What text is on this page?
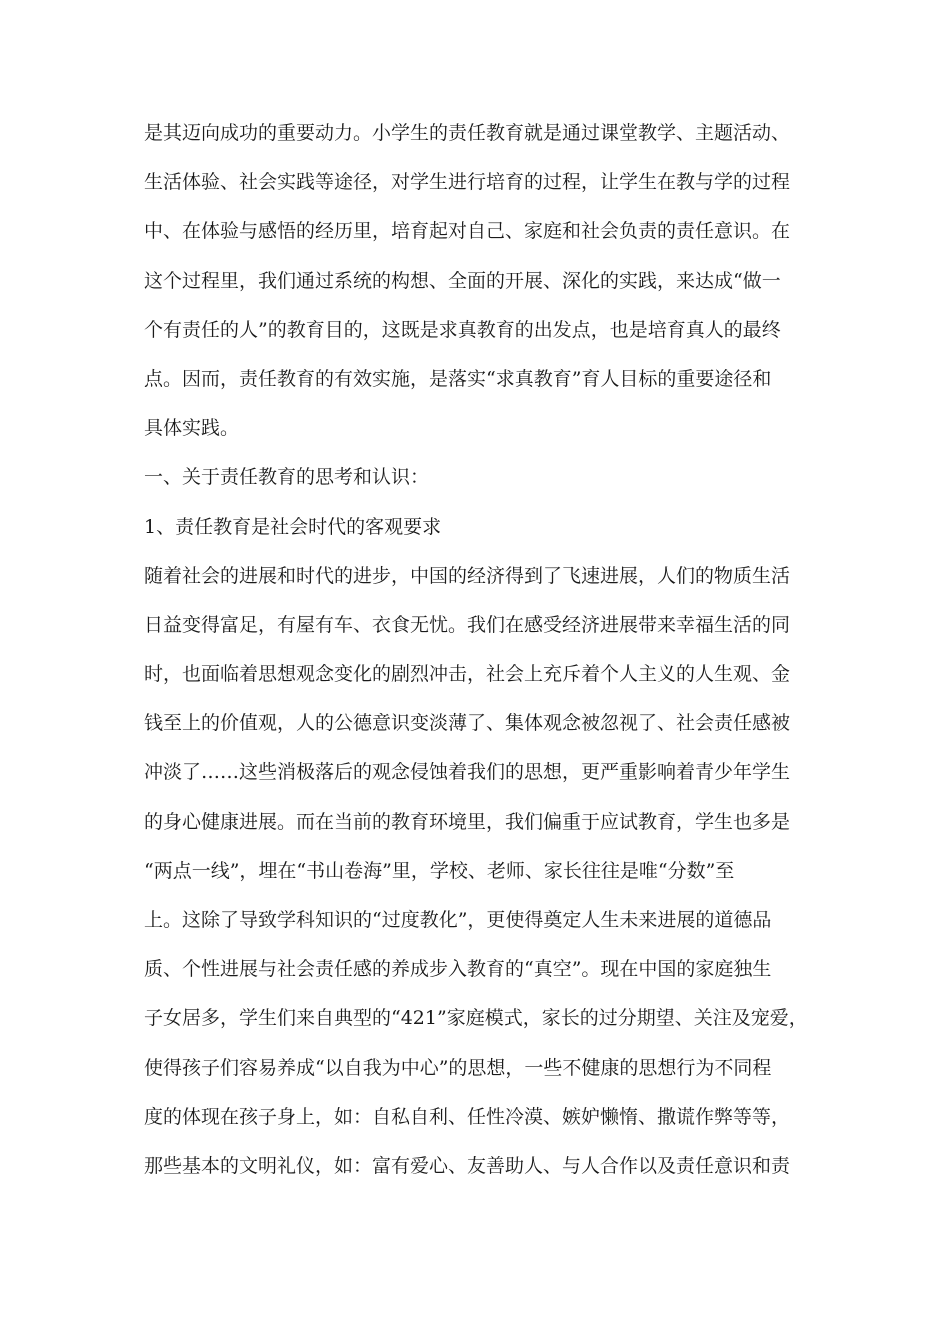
是其迈向成功的重要动力。小学生的责任教育就是通过课堂教学、主题活动、
生活体验、社会实践等途径，对学生进行培育的过程，让学生在教与学的过程
中、在体验与感悟的经历里，培育起对自己、家庭和社会负责的责任意识。在
这个过程里，我们通过系统的构想、全面的开展、深化的实践，来达成“做一
个有责任的人”的教育目的，这既是求真教育的出发点，也是培育真人的最终
点。因而，责任教育的有效实施，是落实“求真教育”育人目标的重要途径和
具体实践。
一、关于责任教育的思考和认识：
1、责任教育是社会时代的客观要求
随着社会的进展和时代的进步，中国的经济得到了飞速进展，人们的物质生活
日益变得富足，有屋有车、衣食无忧。我们在感受经济进展带来幸福生活的同
时，也面临着思想观念变化的剧烈冲击，社会上充斥着个人主义的人生观、金
钱至上的价值观，人的公德意识变淡薄了、集体观念被忽视了、社会责任感被
冲淡了……这些消极落后的观念侵蚀着我们的思想，更严重影响着青少年学生
的身心健康进展。而在当前的教育环境里，我们偏重于应试教育，学生也多是
“两点一线”，埋在“书山卷海”里，学校、老师、家长往往是唯“分数”至
上。这除了导致学科知识的“过度教化”，更使得奠定人生未来进展的道德品
质、个性进展与社会责任感的养成步入教育的“真空”。现在中国的家庭独生
子女居多，学生们来自典型的“421”家庭模式，家长的过分期望、关注及宠爱，
使得孩子们容易养成“以自我为中心”的思想，一些不健康的思想行为不同程
度的体现在孩子身上，如：自私自利、任性冷漠、嫉妒懒惰、撒谎作弊等等，
那些基本的文明礼仪，如：富有爱心、友善助人、与人合作以及责任意识和责
